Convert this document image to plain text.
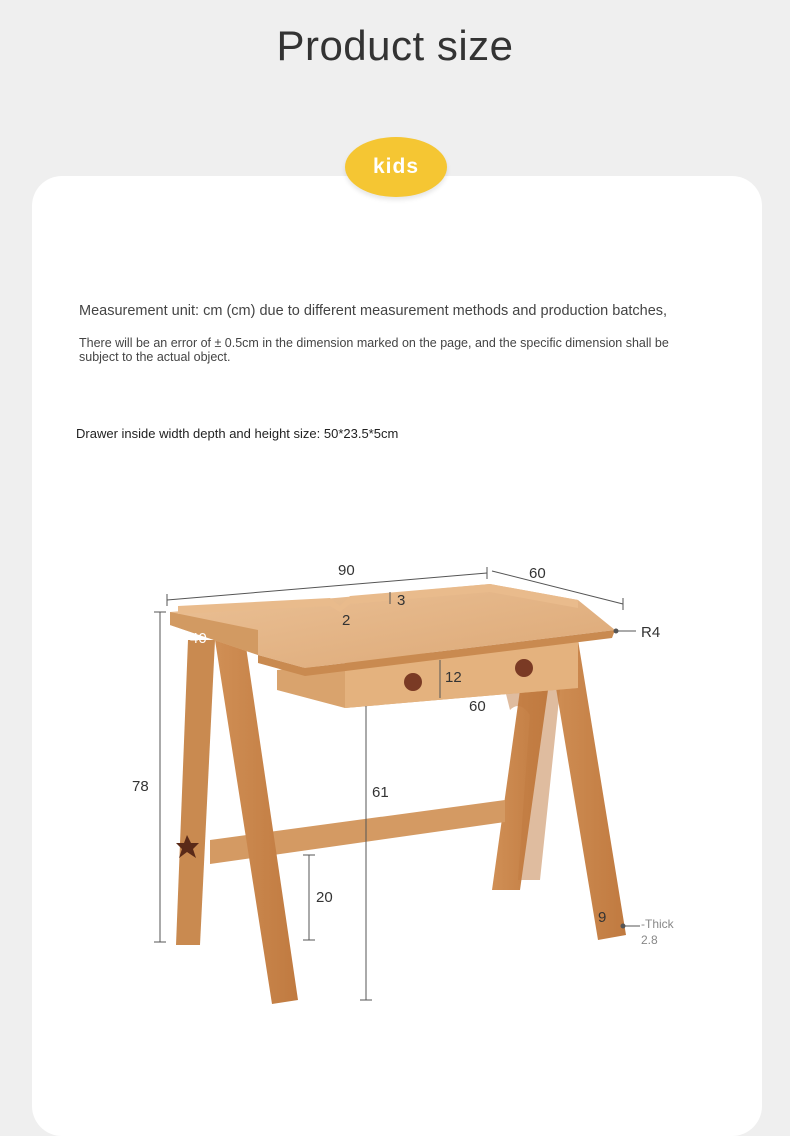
Product size
kids
Measurement unit: cm (cm) due to different measurement methods and production batches,
There will be an error of ± 0.5cm in the dimension marked on the page, and the specific dimension shall be subject to the actual object.
Drawer inside width depth and height size: 50*23.5*5cm
90	60
R4
3
2
40
12
60
78	61
20
9	-Thick
2.8
